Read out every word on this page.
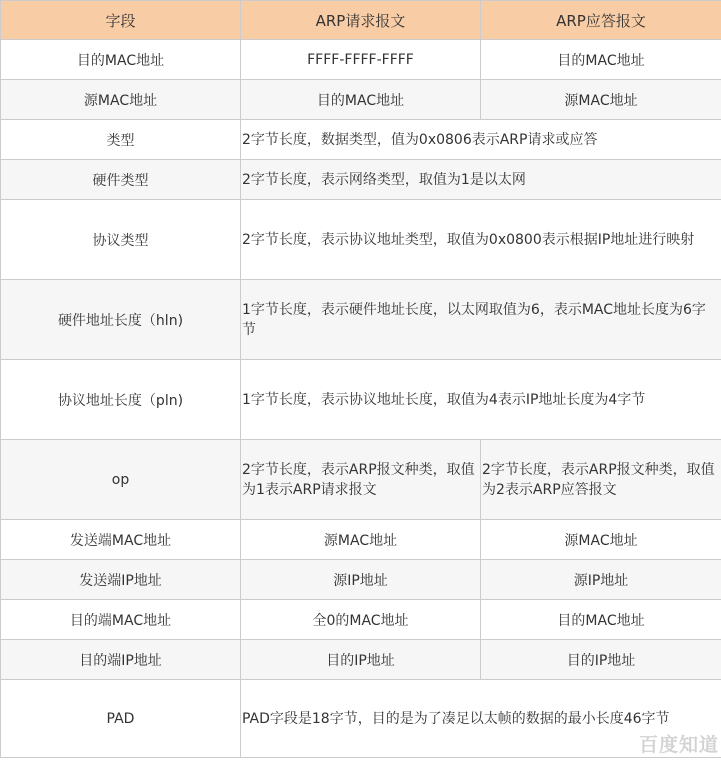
字段	ARP请求报文	ARP应答报文
目的MAC地址	FFFF-FFFF-FFFF	目的MAC地址
源MAC地址	目的MAC地址	源MAC地址
类型	2字节长度，数据类型，值为0x0806表示ARP请求或应答	
硬件类型	2字节长度，表示网络类型，取值为1是以太网	
协议类型	2字节长度，表示协议地址类型，取值为0x0800表示根据IP地址进行映射	
硬件地址长度（hln)	1字节长度，表示硬件地址长度，以太网取值为6，表示MAC地址长度为6字节	
协议地址长度（pln)	1字节长度，表示协议地址长度，取值为4表示IP地址长度为4字节	
op	2字节长度，表示ARP报文种类，取值为1表示ARP请求报文	2字节长度，表示ARP报文种类，取值为2表示ARP应答报文
发送端MAC地址	源MAC地址	源MAC地址
发送端IP地址	源IP地址	源IP地址
目的端MAC地址	全0的MAC地址	目的MAC地址
目的端IP地址	目的IP地址	目的IP地址
PAD	PAD字段是18字节，目的是为了凑足以太帧的数据的最小长度46字节	
百度知道
